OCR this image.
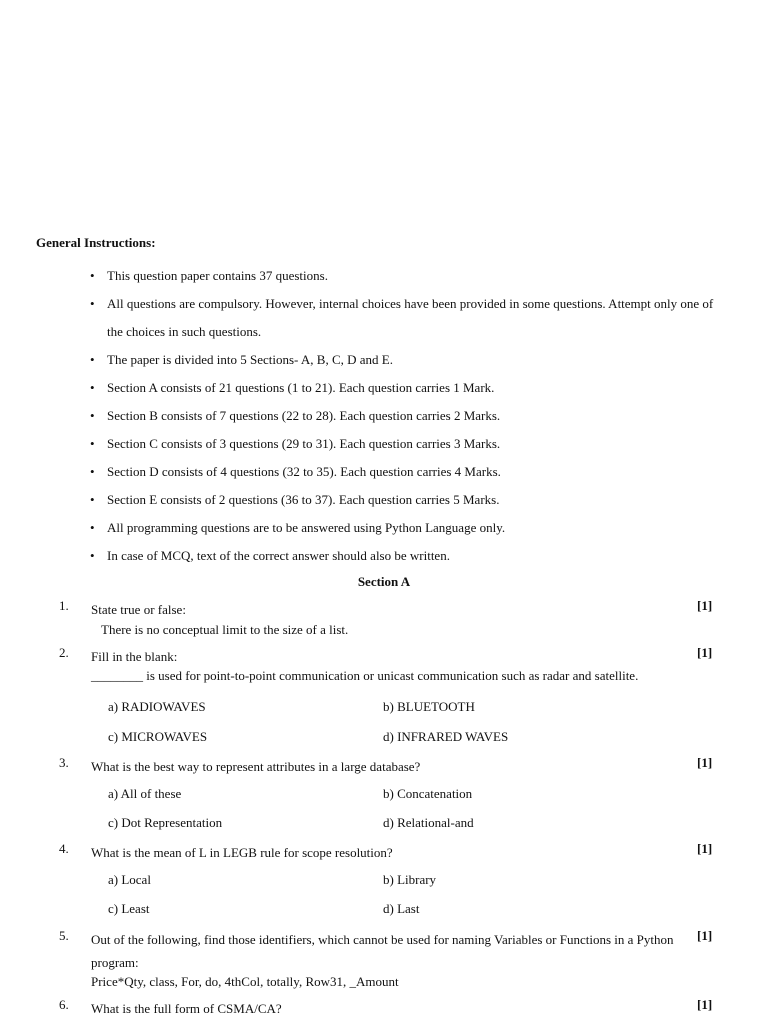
General Instructions:
• This question paper contains 37 questions.
• All questions are compulsory. However, internal choices have been provided in some questions. Attempt only one of the choices in such questions.
• The paper is divided into 5 Sections- A, B, C, D and E.
• Section A consists of 21 questions (1 to 21). Each question carries 1 Mark.
• Section B consists of 7 questions (22 to 28). Each question carries 2 Marks.
• Section C consists of 3 questions (29 to 31). Each question carries 3 Marks.
• Section D consists of 4 questions (32 to 35). Each question carries 4 Marks.
• Section E consists of 2 questions (36 to 37). Each question carries 5 Marks.
• All programming questions are to be answered using Python Language only.
• In case of MCQ, text of the correct answer should also be written.
Section A
1. State true or false:	[1]
There is no conceptual limit to the size of a list.
2. Fill in the blank:	[1]
________ is used for point-to-point communication or unicast communication such as radar and satellite.
a) RADIOWAVES	b) BLUETOOTH
c) MICROWAVES	d) INFRARED WAVES
3. What is the best way to represent attributes in a large database?	[1]
a) All of these	b) Concatenation
c) Dot Representation	d) Relational-and
4. What is the mean of L in LEGB rule for scope resolution?	[1]
a) Local	b) Library
c) Least	d) Last
5. Out of the following, find those identifiers, which cannot be used for naming Variables or Functions in a Python program:
[1]
Price*Qty, class, For, do, 4thCol, totally, Row31, _Amount
6. What is the full form of CSMA/CA?	[1]
